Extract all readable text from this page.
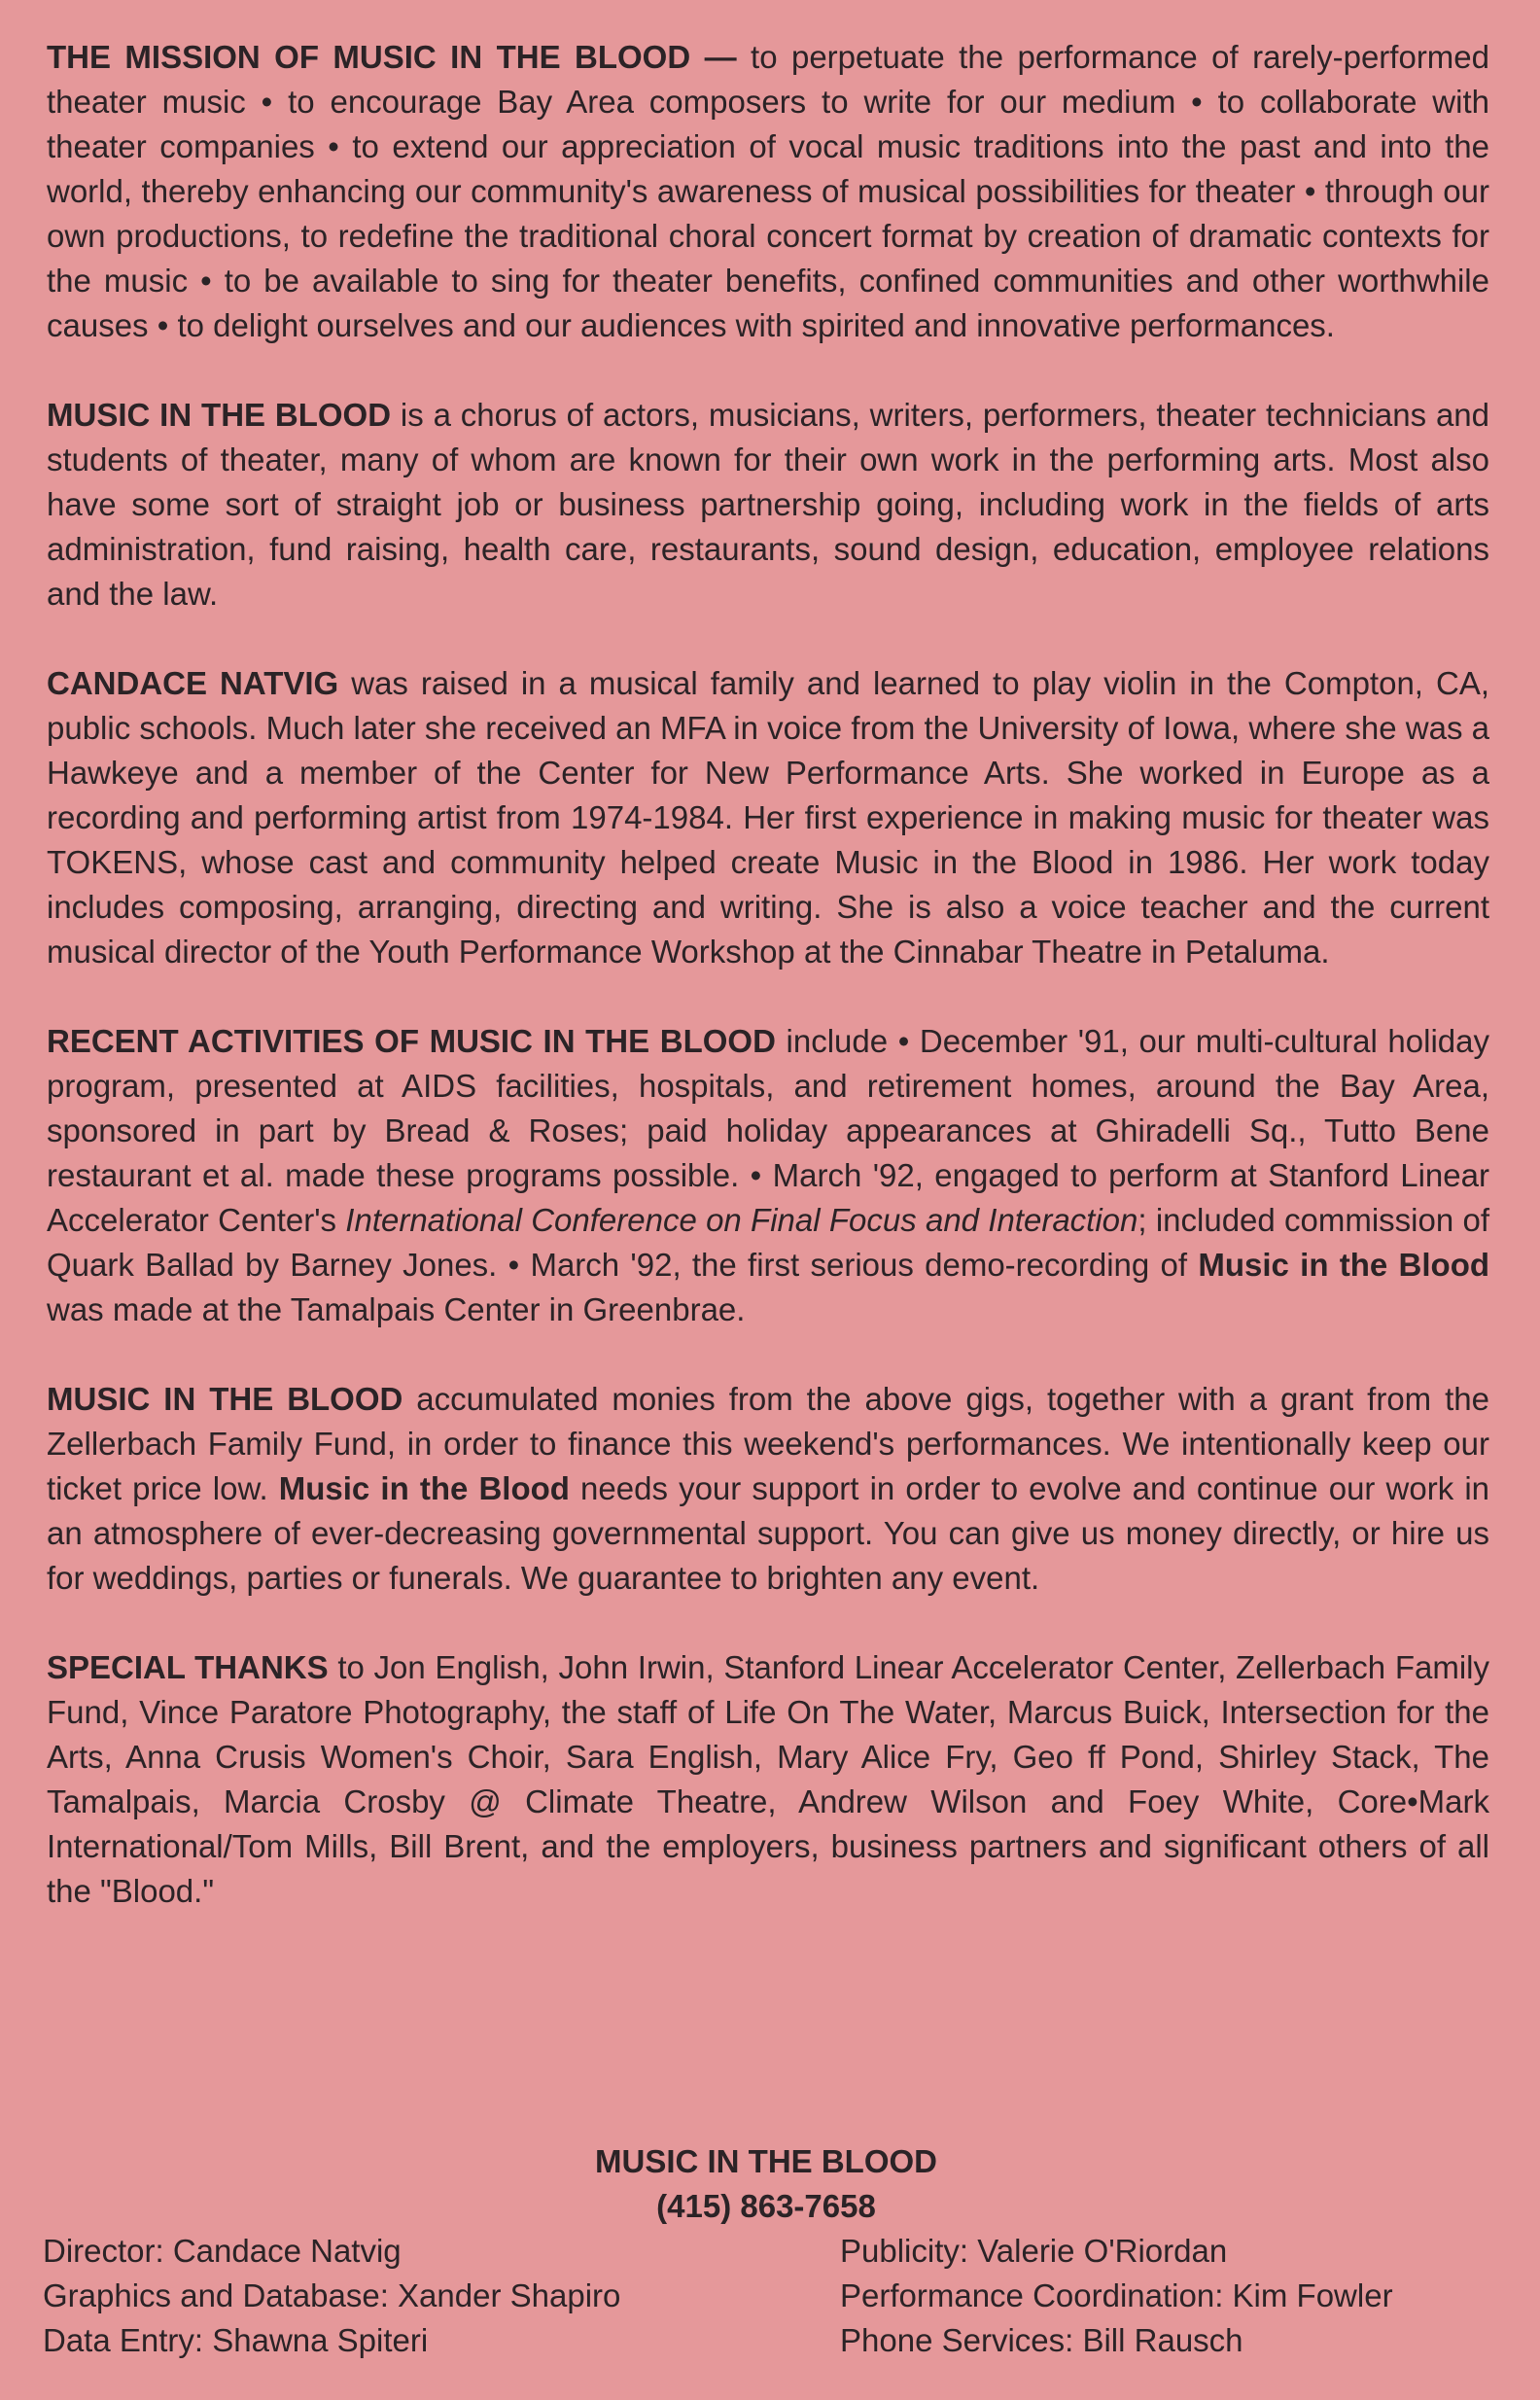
THE MISSION OF MUSIC IN THE BLOOD — to perpetuate the performance of rarely-performed theater music • to encourage Bay Area composers to write for our medium • to collaborate with theater companies • to extend our appreciation of vocal music traditions into the past and into the world, thereby enhancing our community's awareness of musical possibilities for theater • through our own productions, to redefine the traditional choral concert format by creation of dramatic contexts for the music • to be available to sing for theater benefits, confined communities and other worthwhile causes • to delight ourselves and our audiences with spirited and innovative performances.

MUSIC IN THE BLOOD is a chorus of actors, musicians, writers, performers, theater technicians and students of theater, many of whom are known for their own work in the performing arts. Most also have some sort of straight job or business partnership going, including work in the fields of arts administration, fund raising, health care, restaurants, sound design, education, employee relations and the law.

CANDACE NATVIG was raised in a musical family and learned to play violin in the Compton, CA, public schools. Much later she received an MFA in voice from the University of Iowa, where she was a Hawkeye and a member of the Center for New Performance Arts. She worked in Europe as a recording and performing artist from 1974-1984. Her first experience in making music for theater was TOKENS, whose cast and community helped create Music in the Blood in 1986. Her work today includes composing, arranging, directing and writing. She is also a voice teacher and the current musical director of the Youth Performance Workshop at the Cinnabar Theatre in Petaluma.

RECENT ACTIVITIES OF MUSIC IN THE BLOOD include • December '91, our multi-cultural holiday program, presented at AIDS facilities, hospitals, and retirement homes, around the Bay Area, sponsored in part by Bread & Roses; paid holiday appearances at Ghiradelli Sq., Tutto Bene restaurant et al. made these programs possible. • March '92, engaged to perform at Stanford Linear Accelerator Center's International Conference on Final Focus and Interaction; included commission of Quark Ballad by Barney Jones. • March '92, the first serious demo-recording of Music in the Blood was made at the Tamalpais Center in Greenbrae.

MUSIC IN THE BLOOD accumulated monies from the above gigs, together with a grant from the Zellerbach Family Fund, in order to finance this weekend's performances. We intentionally keep our ticket price low. Music in the Blood needs your support in order to evolve and continue our work in an atmosphere of ever-decreasing governmental support. You can give us money directly, or hire us for weddings, parties or funerals. We guarantee to brighten any event.

SPECIAL THANKS to Jon English, John Irwin, Stanford Linear Accelerator Center, Zellerbach Family Fund, Vince Paratore Photography, the staff of Life On The Water, Marcus Buick, Intersection for the Arts, Anna Crusis Women's Choir, Sara English, Mary Alice Fry, Geo ff Pond, Shirley Stack, The Tamalpais, Marcia Crosby @ Climate Theatre, Andrew Wilson and Foey White, Core•Mark International/Tom Mills, Bill Brent, and the employers, business partners and significant others of all the "Blood."

MUSIC IN THE BLOOD
(415) 863-7658
Director: Candace Natvig
Graphics and Database: Xander Shapiro
Data Entry: Shawna Spiteri
Publicity: Valerie O'Riordan
Performance Coordination: Kim Fowler
Phone Services: Bill Rausch
